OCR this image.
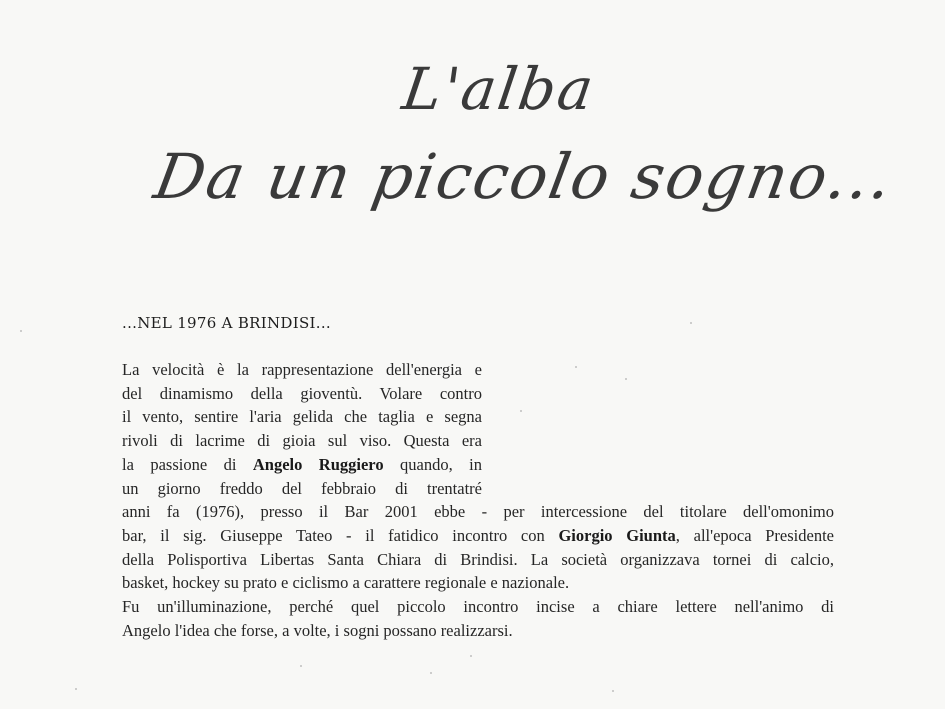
L'alba
Da un piccolo sogno...
...NEL 1976 A BRINDISI...
La velocità è la rappresentazione dell'energia e
del dinamismo della gioventù. Volare contro
il vento, sentire l'aria gelida che taglia e segna
rivoli di lacrime di gioia sul viso. Questa era
la passione di Angelo Ruggiero quando, in
un giorno freddo del febbraio di trentatré
anni fa (1976), presso il Bar 2001 ebbe - per intercessione del titolare dell'omonimo
bar, il sig. Giuseppe Tateo - il fatidico incontro con Giorgio Giunta, all'epoca Presidente
della Polisportiva Libertas Santa Chiara di Brindisi. La società organizzava tornei di calcio,
basket, hockey su prato e ciclismo a carattere regionale e nazionale.
Fu un'illuminazione, perché quel piccolo incontro incise a chiare lettere nell'animo di
Angelo l'idea che forse, a volte, i sogni possano realizzarsi.
